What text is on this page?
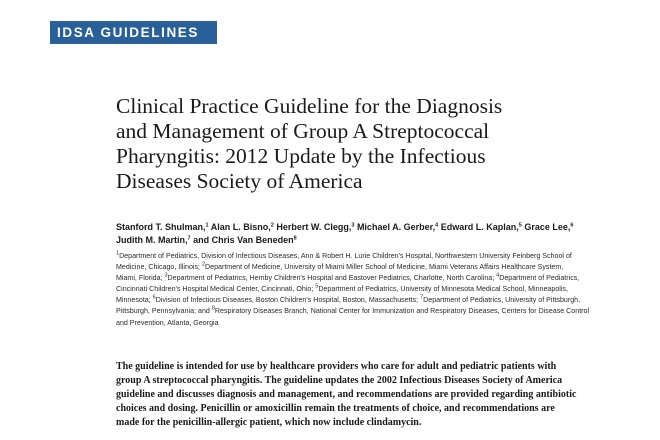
IDSA GUIDELINES
Clinical Practice Guideline for the Diagnosis
and Management of Group A Streptococcal
Pharyngitis: 2012 Update by the Infectious
Diseases Society of America
Stanford T. Shulman,$^1$ Alan L. Bisno,$^2$ Herbert W. Clegg,$^3$ Michael A. Gerber,$^4$ Edward L. Kaplan,$^5$ Grace Lee,$^6$
Judith M. Martin,$^7$ and Chris Van Beneden$^8$
$^1$Department of Pediatrics, Division of Infectious Diseases, Ann & Robert H. Lurie Children's Hospital, Northwestern University Feinberg School of
Medicine, Chicago, Illinois; $^2$Department of Medicine, University of Miami Miller School of Medicine, Miami Veterans Affairs Healthcare System,
Miami, Florida; $^3$Department of Pediatrics, Hemby Children's Hospital and Eastover Pediatrics, Charlotte, North Carolina; $^4$Department of Pediatrics,
Cincinnati Children's Hospital Medical Center, Cincinnati, Ohio; $^5$Department of Pediatrics, University of Minnesota Medical School, Minneapolis,
Minnesota; $^6$Division of Infectious Diseases, Boston Children's Hospital, Boston, Massachusetts; $^7$Department of Pediatrics, University of Pittsburgh,
Pittsburgh, Pennsylvania; and $^8$Respiratory Diseases Branch, National Center for Immunization and Respiratory Diseases, Centers for Disease Control
and Prevention, Atlanta, Georgia
The guideline is intended for use by healthcare providers who care for adult and pediatric patients with
group A streptococcal pharyngitis. The guideline updates the 2002 Infectious Diseases Society of America
guideline and discusses diagnosis and management, and recommendations are provided regarding antibiotic
choices and dosing. Penicillin or amoxicillin remain the treatments of choice, and recommendations are
made for the penicillin-allergic patient, which now include clindamycin.
